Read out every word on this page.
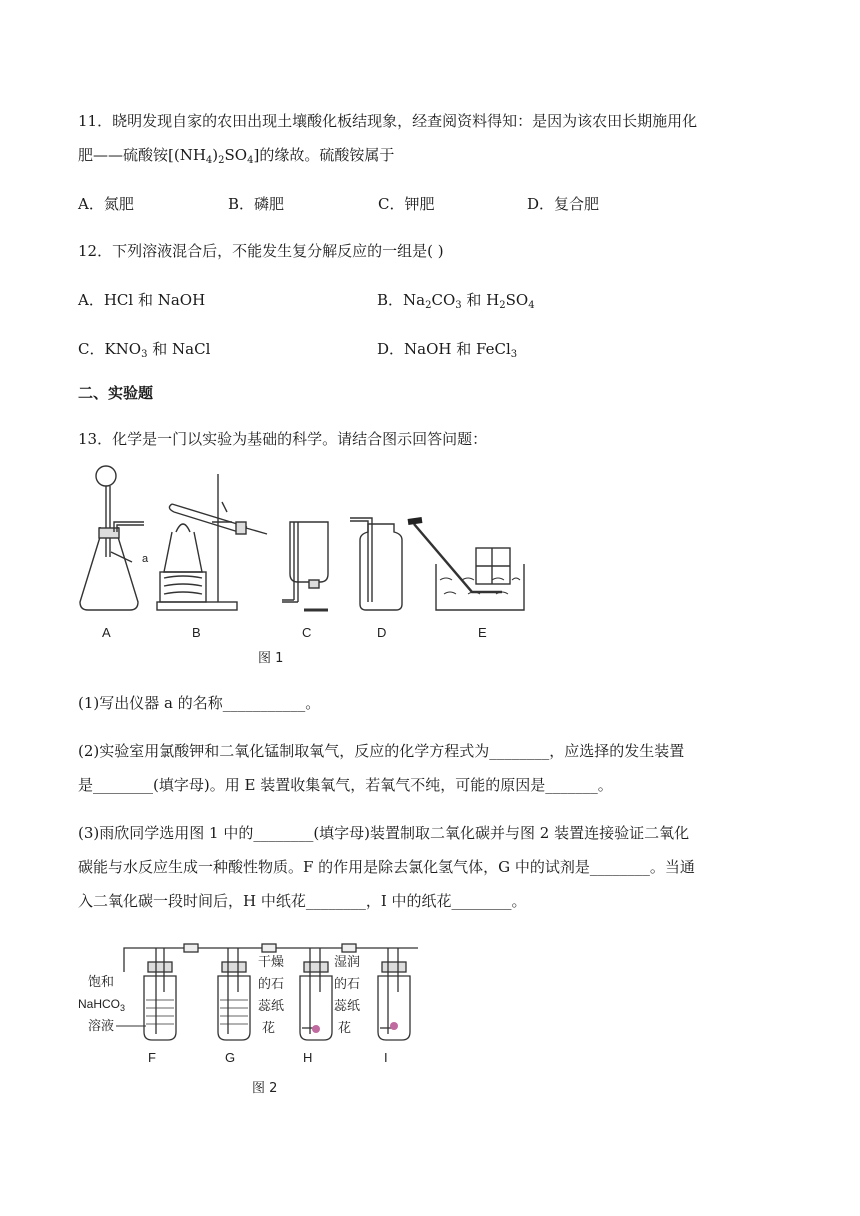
11．晓明发现自家的农田出现土壤酸化板结现象，经查阅资料得知：是因为该农田长期施用化
肥——硫酸铵$[(NH_4)_2SO_4]$的缘故。硫酸铵属于
A．氮肥	B．磷肥	C．钾肥	D．复合肥
12．下列溶液混合后，不能发生复分解反应的一组是( )
A．HCl 和 NaOH	B．$Na_2CO_3$ 和 $H_2SO_4$
C．$KNO_3$ 和 NaCl	D．NaOH 和 FeCl$_3$
二、实验题
13．化学是一门以实验为基础的科学。请结合图示回答问题：
a
A	B	C	D	E
图 1
(1)写出仪器 a 的名称___________。
(2)实验室用氯酸钾和二氧化锰制取氧气，反应的化学方程式为________，应选择的发生装置
是________(填字母)。用 E 装置收集氧气，若氧气不纯，可能的原因是_______。
(3)雨欣同学选用图 1 中的________(填字母)装置制取二氧化碳并与图 2 装置连接验证二氧化
碳能与水反应生成一种酸性物质。F 的作用是除去氯化氢气体，G 中的试剂是________。当通
入二氧化碳一段时间后，H 中纸花________，I 中的纸花________。
饱和
NaHCO$_3$
溶液
干燥
的石
蕊纸
花
湿润
的石
蕊纸
花
F	G	H	I
图 2
